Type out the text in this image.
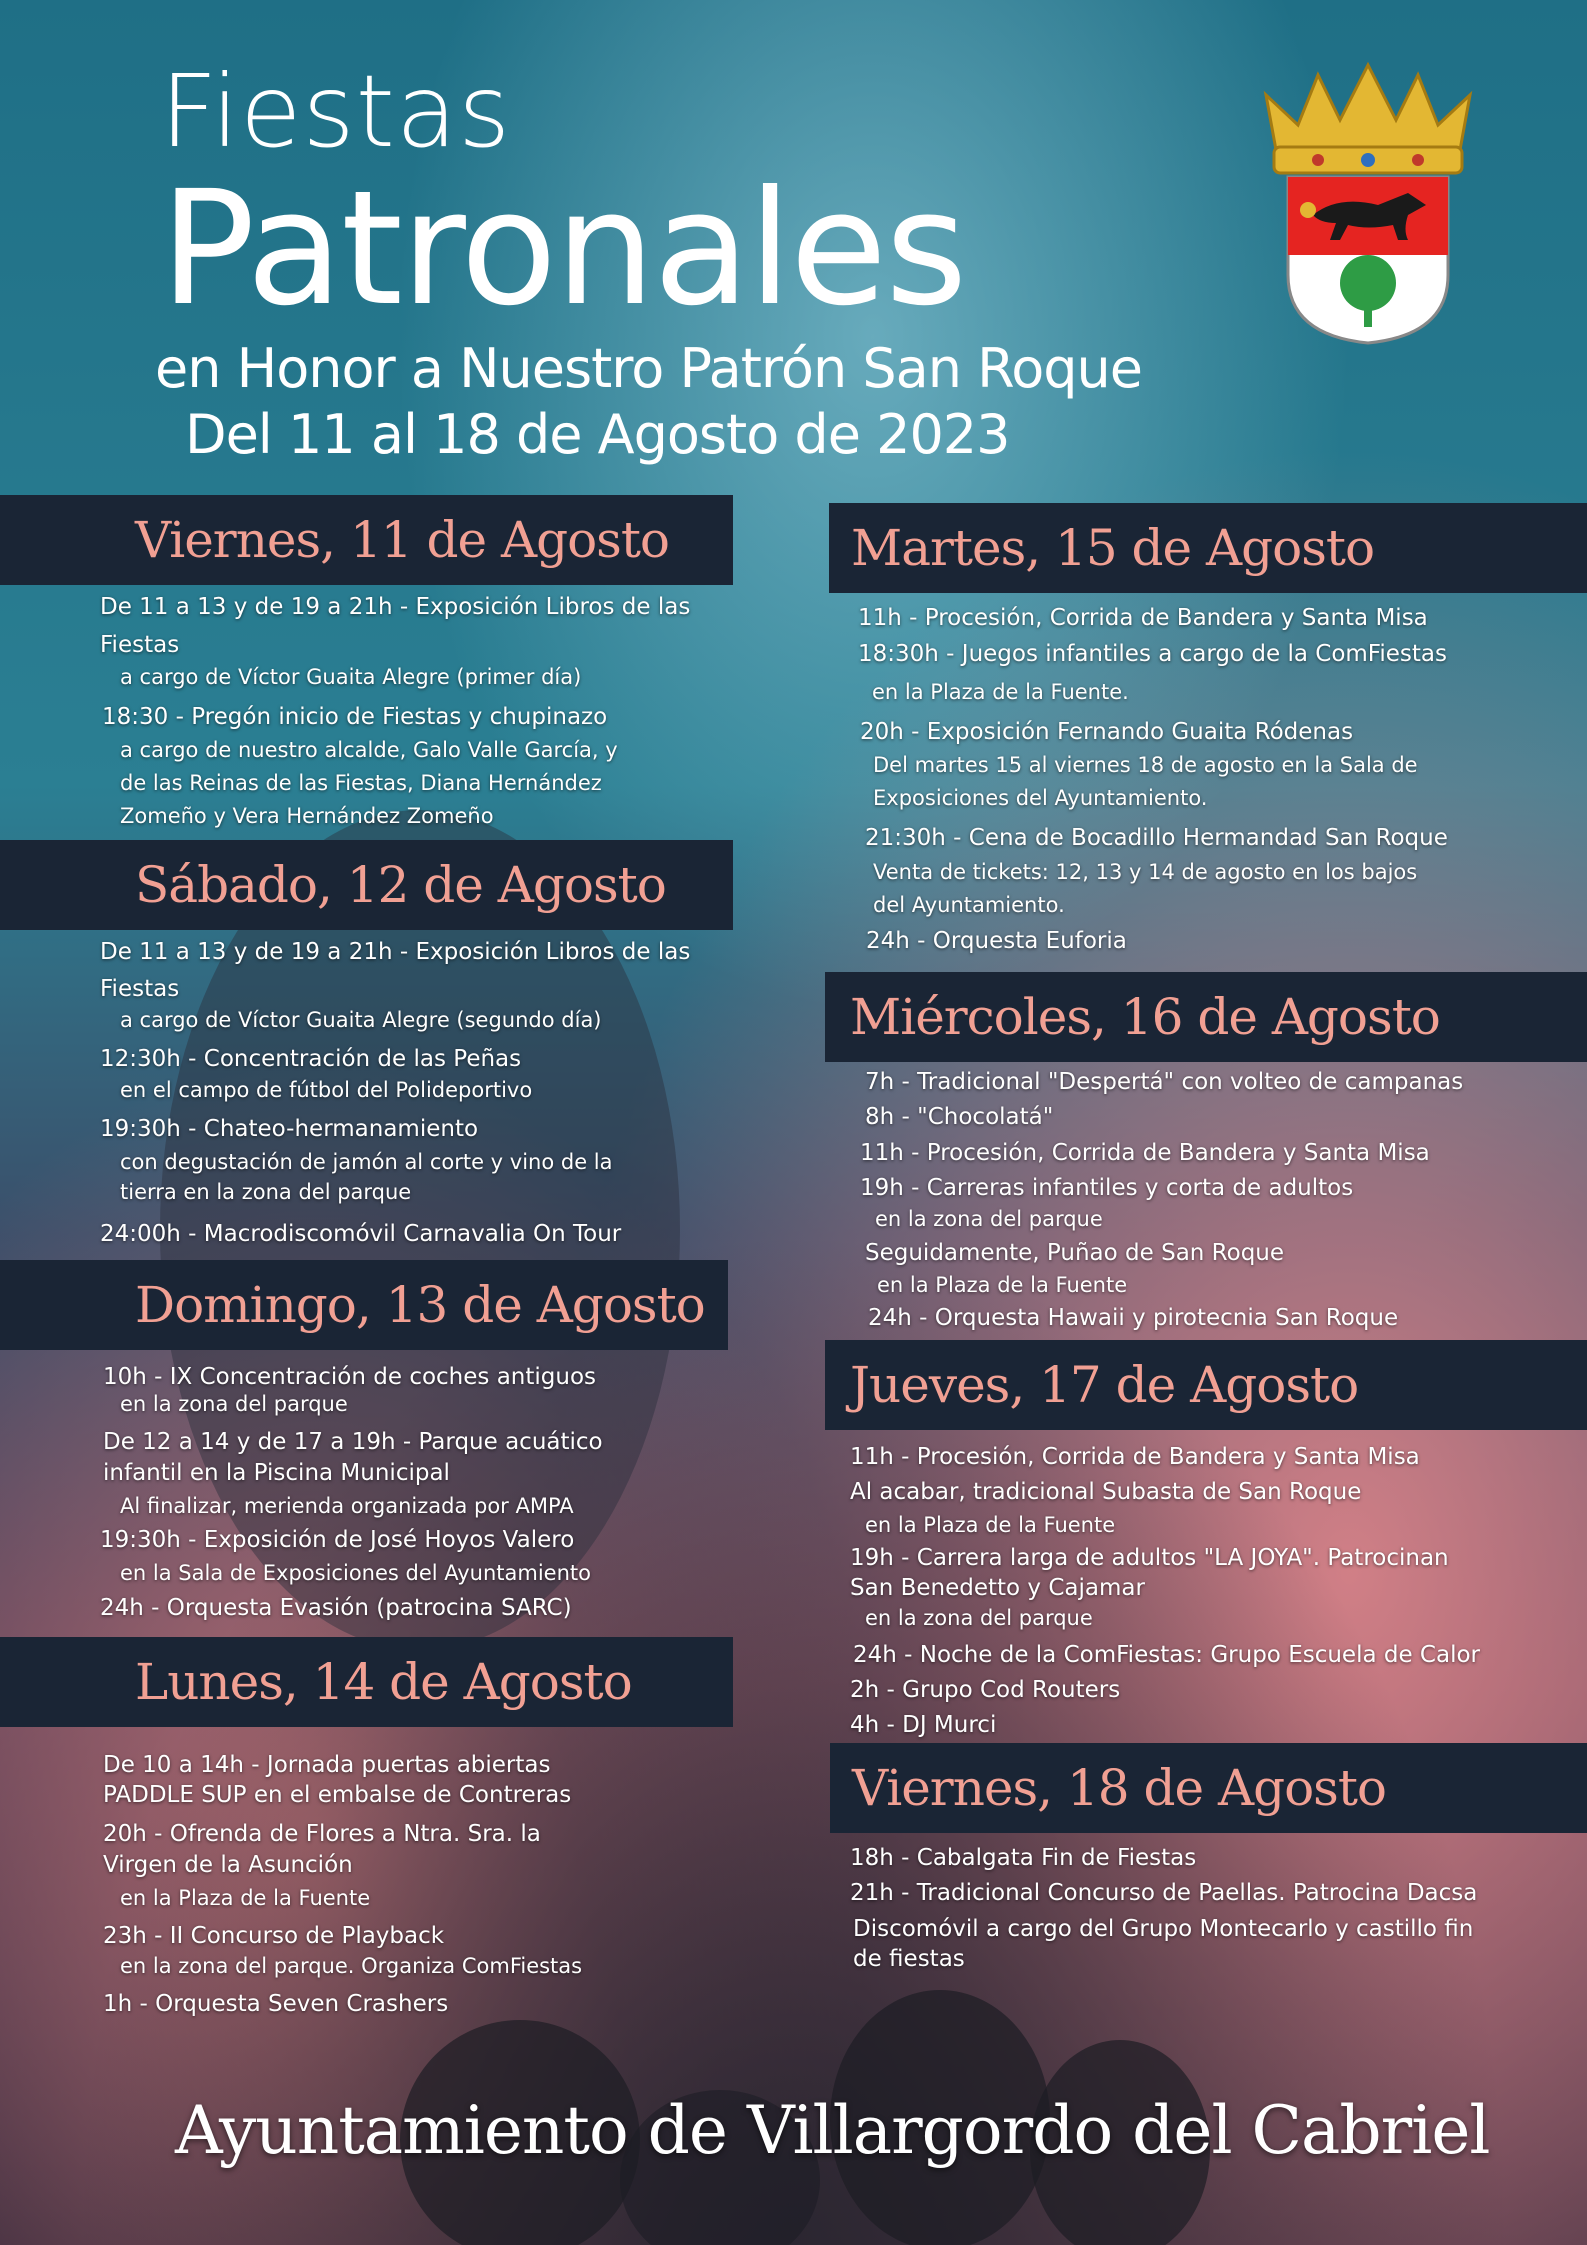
Fiestas
Patronales
en Honor a Nuestro Patrón San Roque
Del 11 al 18 de Agosto de 2023
Viernes, 11 de Agosto
De 11 a 13 y de 19 a 21h - Exposición Libros de las
Fiestas
a cargo de Víctor Guaita Alegre (primer día)
18:30 - Pregón inicio de Fiestas y chupinazo
a cargo de nuestro alcalde, Galo Valle García, y
de las Reinas de las Fiestas, Diana Hernández
Zomeño y Vera Hernández Zomeño
Sábado, 12 de Agosto
De 11 a 13 y de 19 a 21h - Exposición Libros de las
Fiestas
a cargo de Víctor Guaita Alegre (segundo día)
12:30h - Concentración de las Peñas
en el campo de fútbol del Polideportivo
19:30h - Chateo-hermanamiento
con degustación de jamón al corte y vino de la
tierra en la zona del parque
24:00h - Macrodiscomóvil Carnavalia On Tour
Domingo, 13 de Agosto
10h - IX Concentración de coches antiguos
en la zona del parque
De 12 a 14 y de 17 a 19h - Parque acuático
infantil en la Piscina Municipal
Al finalizar, merienda organizada por AMPA
19:30h - Exposición de José Hoyos Valero
en la Sala de Exposiciones del Ayuntamiento
24h - Orquesta Evasión (patrocina SARC)
Lunes, 14 de Agosto
De 10 a 14h - Jornada puertas abiertas
PADDLE SUP en el embalse de Contreras
20h - Ofrenda de Flores a Ntra. Sra. la
Virgen de la Asunción
en la Plaza de la Fuente
23h - II Concurso de Playback
en la zona del parque. Organiza ComFiestas
1h - Orquesta Seven Crashers
Martes, 15 de Agosto
11h - Procesión, Corrida de Bandera y Santa Misa
18:30h - Juegos infantiles a cargo de la ComFiestas
en la Plaza de la Fuente.
20h - Exposición Fernando Guaita Ródenas
Del martes 15 al viernes 18 de agosto en la Sala de
Exposiciones del Ayuntamiento.
21:30h - Cena de Bocadillo Hermandad San Roque
Venta de tickets: 12, 13 y 14 de agosto en los bajos
del Ayuntamiento.
24h - Orquesta Euforia
Miércoles, 16 de Agosto
7h - Tradicional "Despertá" con volteo de campanas
8h - "Chocolatá"
11h - Procesión, Corrida de Bandera y Santa Misa
19h - Carreras infantiles y corta de adultos
en la zona del parque
Seguidamente, Puñao de San Roque
en la Plaza de la Fuente
24h - Orquesta Hawaii y pirotecnia San Roque
Jueves, 17 de Agosto
11h - Procesión, Corrida de Bandera y Santa Misa
Al acabar, tradicional Subasta de San Roque
en la Plaza de la Fuente
19h - Carrera larga de adultos "LA JOYA". Patrocinan
San Benedetto y Cajamar
en la zona del parque
24h - Noche de la ComFiestas: Grupo Escuela de Calor
2h - Grupo Cod Routers
4h - DJ Murci
Viernes, 18 de Agosto
18h - Cabalgata Fin de Fiestas
21h - Tradicional Concurso de Paellas. Patrocina Dacsa
Discomóvil a cargo del Grupo Montecarlo y castillo fin
de fiestas
Ayuntamiento de Villargordo del Cabriel
